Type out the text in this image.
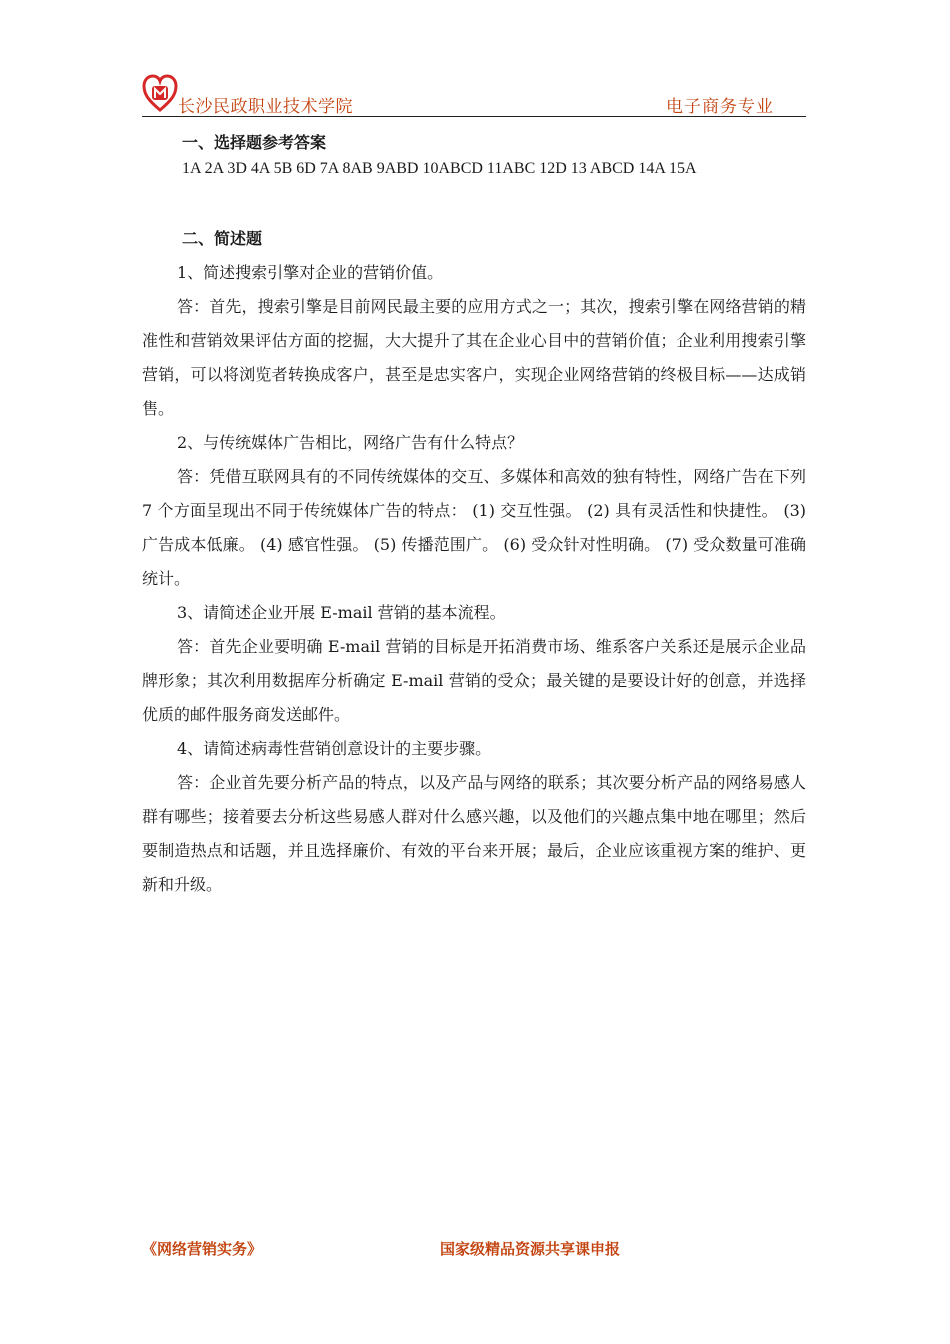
长沙民政职业技术学院	电子商务专业
一、选择题参考答案
1A 2A 3D 4A 5B 6D 7A 8AB 9ABD 10ABCD 11ABC 12D 13 ABCD 14A 15A
二、简述题

1、简述搜索引擎对企业的营销价值。

答：首先，搜索引擎是目前网民最主要的应用方式之一；其次，搜索引擎在网络营销的精准性和营销效果评估方面的挖掘，大大提升了其在企业心目中的营销价值；企业利用搜索引擎营销，可以将浏览者转换成客户，甚至是忠实客户，实现企业网络营销的终极目标——达成销售。

2、与传统媒体广告相比，网络广告有什么特点？

答：凭借互联网具有的不同传统媒体的交互、多媒体和高效的独有特性，网络广告在下列 7 个方面呈现出不同于传统媒体广告的特点： (1) 交互性强。 (2) 具有灵活性和快捷性。 (3) 广告成本低廉。 (4) 感官性强。 (5) 传播范围广。 (6) 受众针对性明确。 (7) 受众数量可准确统计。

3、请简述企业开展 E-mail 营销的基本流程。

答：首先企业要明确 E-mail 营销的目标是开拓消费市场、维系客户关系还是展示企业品牌形象；其次利用数据库分析确定 E-mail 营销的受众；最关键的是要设计好的创意，并选择优质的邮件服务商发送邮件。

4、请简述病毒性营销创意设计的主要步骤。

答：企业首先要分析产品的特点，以及产品与网络的联系；其次要分析产品的网络易感人群有哪些；接着要去分析这些易感人群对什么感兴趣，以及他们的兴趣点集中地在哪里；然后要制造热点和话题，并且选择廉价、有效的平台来开展；最后，企业应该重视方案的维护、更新和升级。

《网络营销实务》	国家级精品资源共享课申报
